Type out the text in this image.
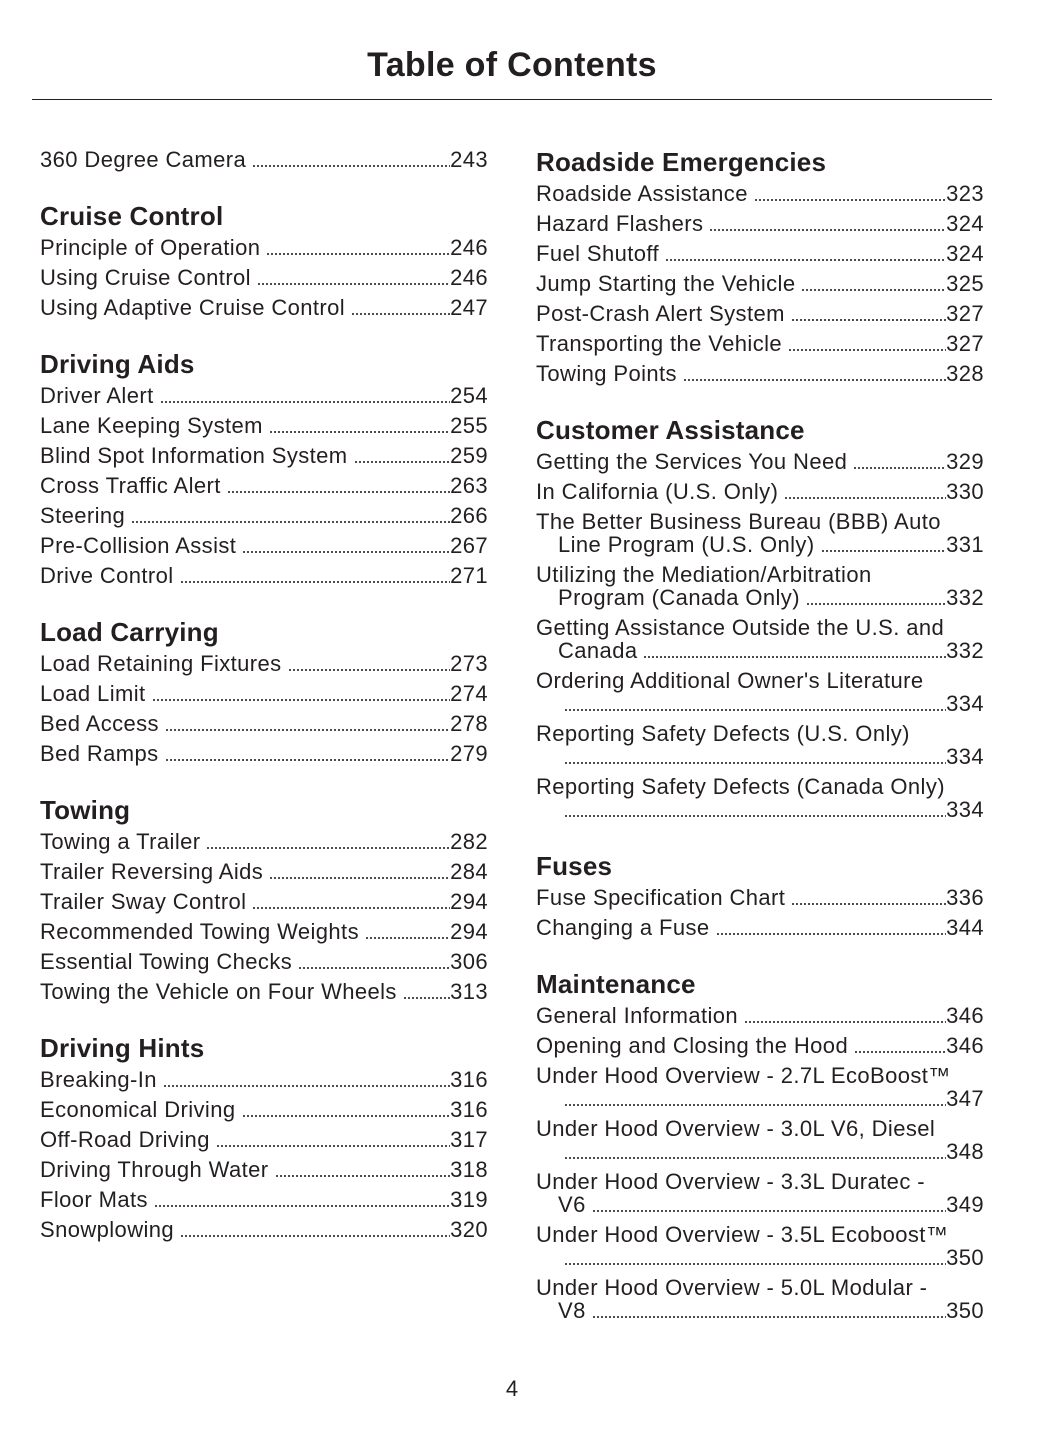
Table of Contents
360 Degree Camera	243
Cruise Control
Principle of Operation	246
Using Cruise Control	246
Using Adaptive Cruise Control	247
Driving Aids
Driver Alert	254
Lane Keeping System	255
Blind Spot Information System	259
Cross Traffic Alert	263
Steering	266
Pre-Collision Assist	267
Drive Control	271
Load Carrying
Load Retaining Fixtures	273
Load Limit	274
Bed Access	278
Bed Ramps	279
Towing
Towing a Trailer	282
Trailer Reversing Aids	284
Trailer Sway Control	294
Recommended Towing Weights	294
Essential Towing Checks	306
Towing the Vehicle on Four Wheels 313
Driving Hints
Breaking-In	316
Economical Driving	316
Off-Road Driving	317
Driving Through Water	318
Floor Mats	319
Snowplowing	320
Roadside Emergencies
Roadside Assistance	323
Hazard Flashers	324
Fuel Shutoff	324
Jump Starting the Vehicle	325
Post-Crash Alert System	327
Transporting the Vehicle	327
Towing Points	328
Customer Assistance
Getting the Services You Need	329
In California (U.S. Only)	330
The Better Business Bureau (BBB) Auto
Line Program (U.S. Only)	331
Utilizing the Mediation/Arbitration
Program (Canada Only)	332
Getting Assistance Outside the U.S. and
Canada	332
Ordering Additional Owner's Literature
334
Reporting Safety Defects (U.S. Only)
334
Reporting Safety Defects (Canada Only)
334
Fuses
Fuse Specification Chart	336
Changing a Fuse	344
Maintenance
General Information	346
Opening and Closing the Hood	346
Under Hood Overview - 2.7L EcoBoost™
347
Under Hood Overview - 3.0L V6, Diesel
348
Under Hood Overview - 3.3L Duratec -
V6	349
Under Hood Overview - 3.5L Ecoboost™
350
Under Hood Overview - 5.0L Modular -
V8	350
4
